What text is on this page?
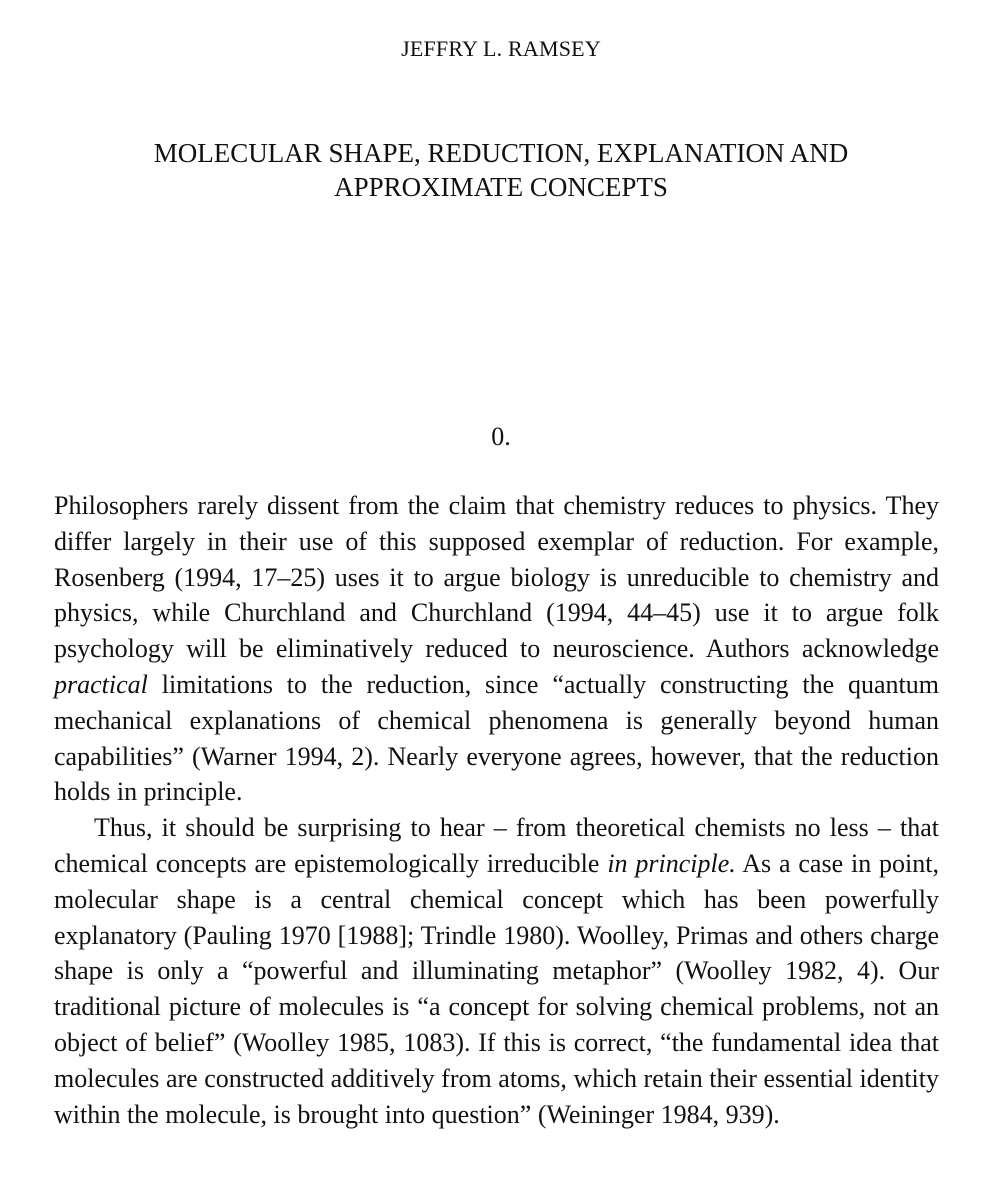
JEFFRY L. RAMSEY
MOLECULAR SHAPE, REDUCTION, EXPLANATION AND
APPROXIMATE CONCEPTS
0.

Philosophers rarely dissent from the claim that chemistry reduces to physics. They differ largely in their use of this supposed exemplar of reduction. For example, Rosenberg (1994, 17–25) uses it to argue biology is unreducible to chemistry and physics, while Churchland and Churchland (1994, 44–45) use it to argue folk psychology will be eliminatively reduced to neuroscience. Authors acknowledge practical limitations to the reduction, since “actually constructing the quantum mechanical explanations of chemical phenomena is generally beyond human capabilities” (Warner 1994, 2). Nearly everyone agrees, however, that the reduction holds in principle.

Thus, it should be surprising to hear – from theoretical chemists no less – that chemical concepts are epistemologically irreducible in principle. As a case in point, molecular shape is a central chemical concept which has been powerfully explanatory (Pauling 1970 [1988]; Trindle 1980). Woolley, Primas and others charge shape is only a “powerful and illuminating metaphor” (Woolley 1982, 4). Our traditional picture of molecules is “a concept for solving chemical problems, not an object of belief” (Woolley 1985, 1083). If this is correct, “the fundamental idea that molecules are constructed additively from atoms, which retain their essential identity within the molecule, is brought into question” (Weininger 1984, 939).
